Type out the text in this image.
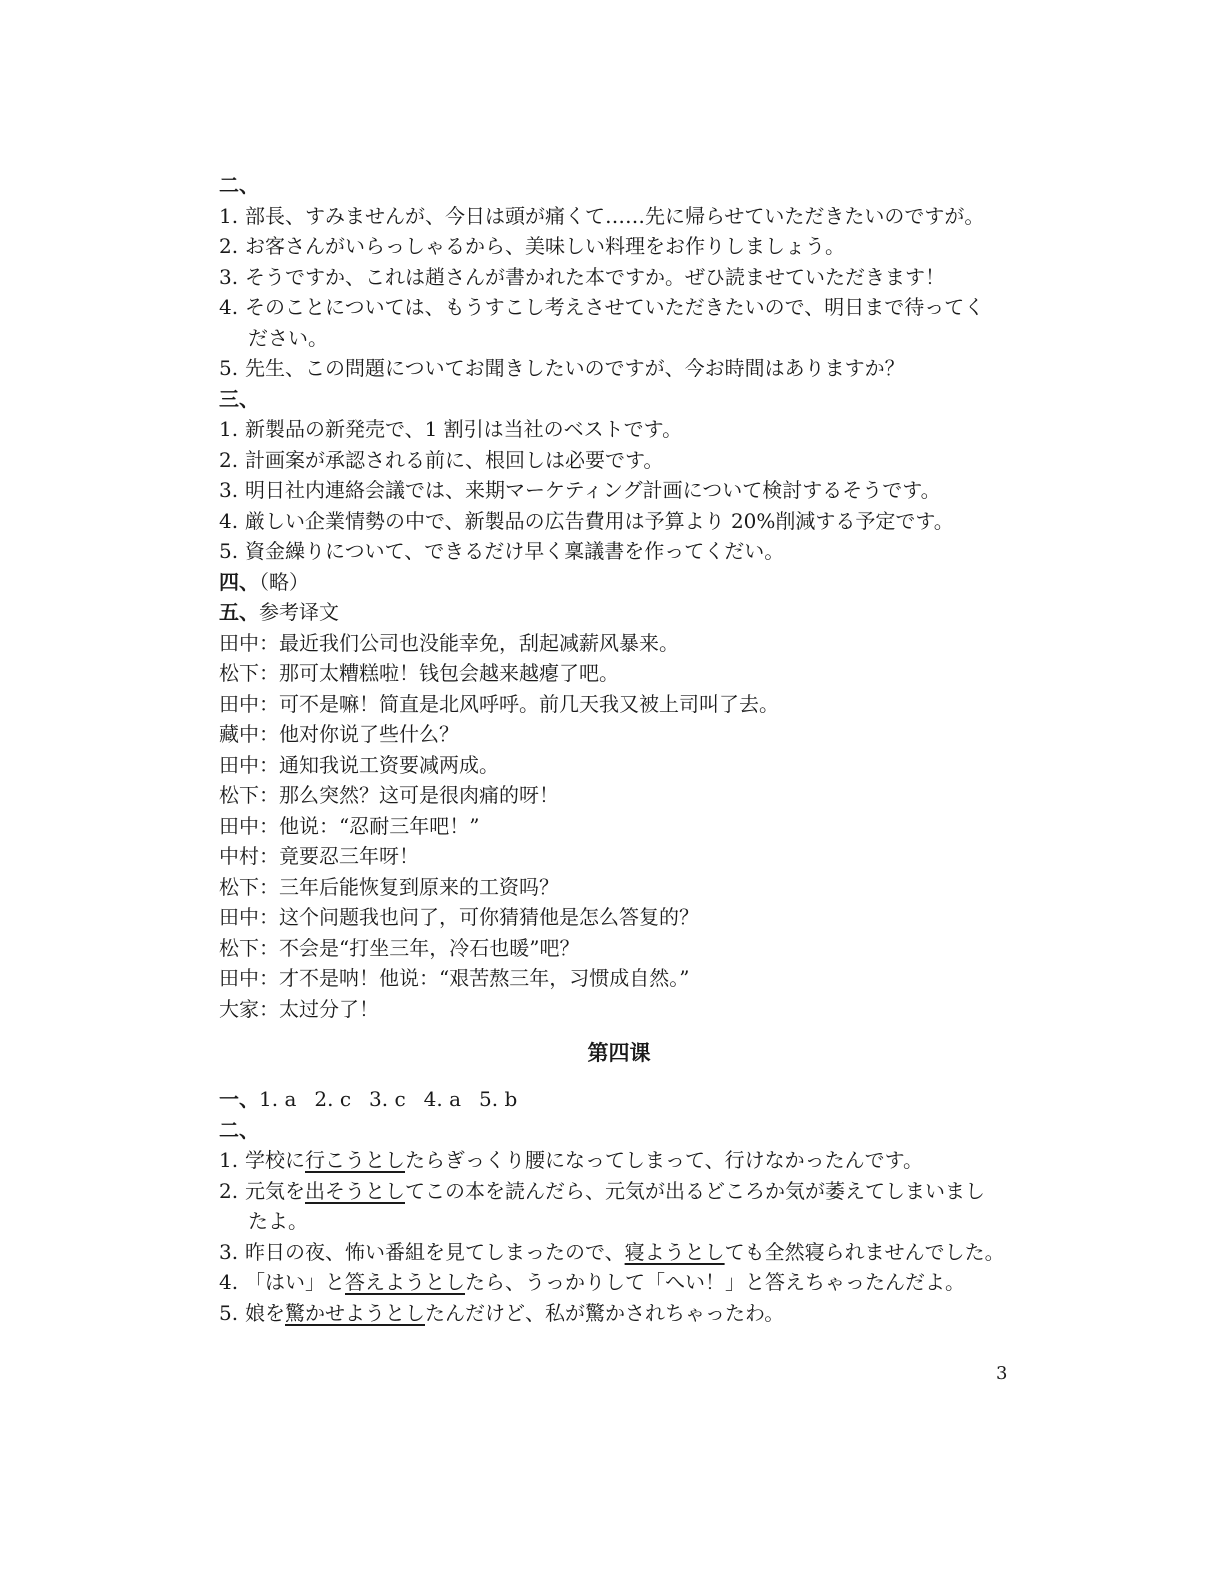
二、
1. 部長、すみませんが、今日は頭が痛くて……先に帰らせていただきたいのですが。
2. お客さんがいらっしゃるから、美味しい料理をお作りしましょう。
3. そうですか、これは趙さんが書かれた本ですか。ぜひ読ませていただきます！
4. そのことについては、もうすこし考えさせていただきたいので、明日まで待ってく
ださい。
5. 先生、この問題についてお聞きしたいのですが、今お時間はありますか？
三、
1. 新製品の新発売で、1 割引は当社のベストです。
2. 計画案が承認される前に、根回しは必要です。
3. 明日社内連絡会議では、来期マーケティング計画について検討するそうです。
4. 厳しい企業情勢の中で、新製品の広告費用は予算より 20%削減する予定です。
5. 資金繰りについて、できるだけ早く稟議書を作ってくだい。
四、（略）
五、参考译文
田中：最近我们公司也没能幸免，刮起减薪风暴来。
松下：那可太糟糕啦！钱包会越来越瘪了吧。
田中：可不是嘛！简直是北风呼呼。前几天我又被上司叫了去。
藏中：他对你说了些什么？
田中：通知我说工资要减两成。
松下：那么突然？这可是很肉痛的呀！
田中：他说：“忍耐三年吧！”
中村：竟要忍三年呀！
松下：三年后能恢复到原来的工资吗？
田中：这个问题我也问了，可你猜猜他是怎么答复的？
松下：不会是“打坐三年，冷石也暖”吧？
田中：才不是呐！他说：“艰苦熬三年，习惯成自然。”
大家：太过分了！
第四课
一、1. a 2. c 3. c 4. a 5. b
二、
1. 学校に行こうとしたらぎっくり腰になってしまって、行けなかったんです。
2. 元気を出そうとしてこの本を読んだら、元気が出るどころか気が萎えてしまいまし
たよ。
3. 昨日の夜、怖い番組を見てしまったので、寝ようとしても全然寝られませんでした。
4. 「はい」と答えようとしたら、うっかりして「へい！」と答えちゃったんだよ。
5. 娘を驚かせようとしたんだけど、私が驚かされちゃったわ。
3
